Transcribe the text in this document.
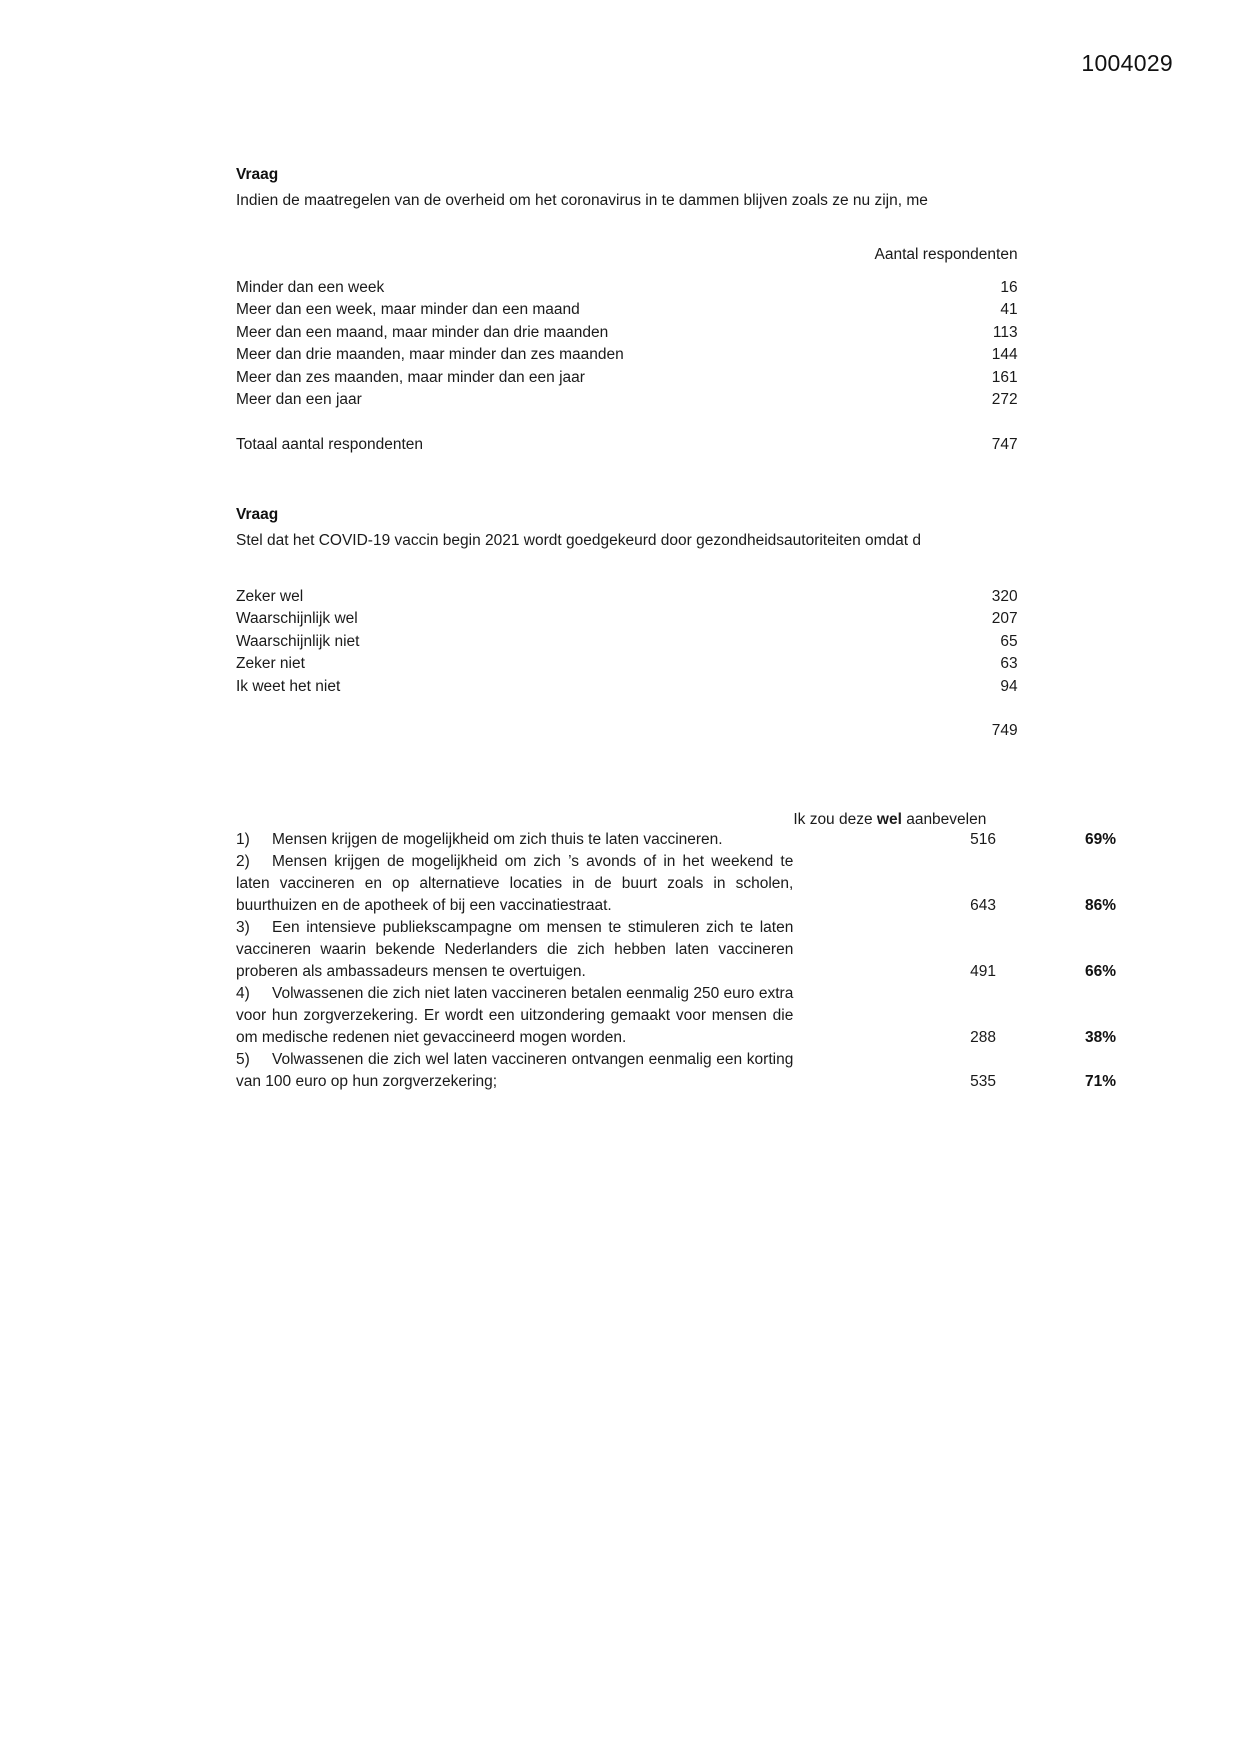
1004029
Vraag
Indien de maatregelen van de overheid om het coronavirus in te dammen blijven zoals ze nu zijn, me
	Aantal respondenten	
Minder dan een week	16	
Meer dan een week, maar minder dan een maand	41	
Meer dan een maand, maar minder dan drie maanden	113	
Meer dan drie maanden, maar minder dan zes maanden	144	
Meer dan zes maanden, maar minder dan een jaar	161	
Meer dan een jaar	272	

Totaal aantal respondenten	747	
Vraag
Stel dat het COVID-19 vaccin begin 2021 wordt goedgekeurd door gezondheidsautoriteiten omdat d
Zeker wel	320	
Waarschijnlijk wel	207	
Waarschijnlijk niet	65	
Zeker niet	63	
Ik weet het niet	94	

	749	
	Ik zou deze wel aanbevelen	
1) Mensen krijgen de mogelijkheid om zich thuis te laten vaccineren.	516	69%
2) Mensen krijgen de mogelijkheid om zich ’s avonds of in het weekend te laten vaccineren en op alternatieve locaties in de buurt zoals in scholen, buurthuizen en de apotheek of bij een vaccinatiestraat.	643	86%
3) Een intensieve publiekscampagne om mensen te stimuleren zich te laten vaccineren waarin bekende Nederlanders die zich hebben laten vaccineren proberen als ambassadeurs mensen te overtuigen.	491	66%
4) Volwassenen die zich niet laten vaccineren betalen eenmalig 250 euro extra voor hun zorgverzekering. Er wordt een uitzondering gemaakt voor mensen die om medische redenen niet gevaccineerd mogen worden.	288	38%
5) Volwassenen die zich wel laten vaccineren ontvangen eenmalig een korting van 100 euro op hun zorgverzekering;	535	71%
